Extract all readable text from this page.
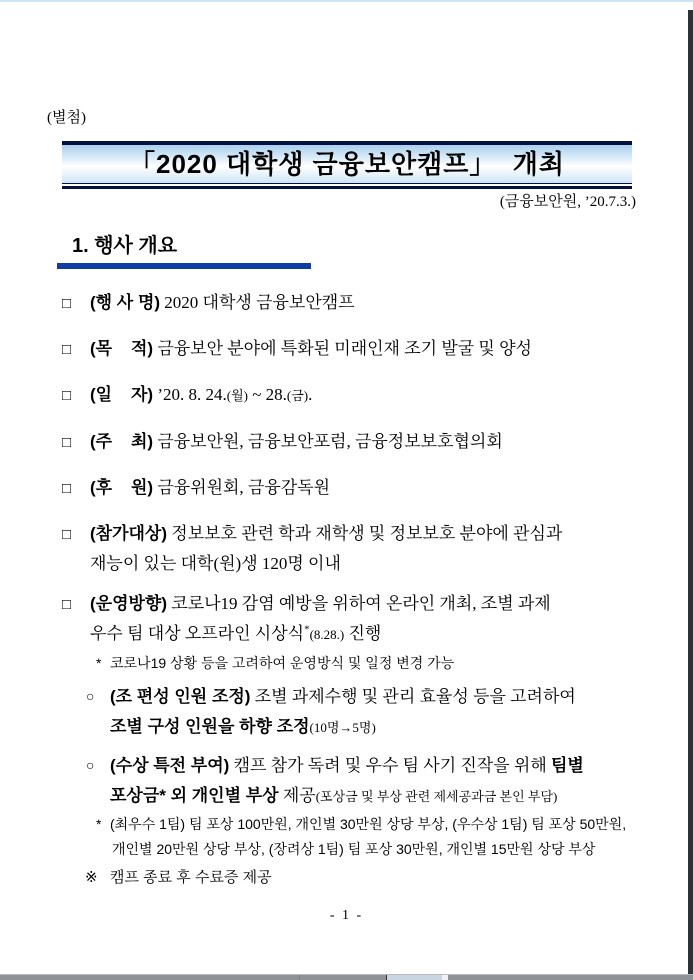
(별첨)
「2020 대학생 금융보안캠프」  개최
(금융보안원, ’20.7.3.)
1. 행사 개요
□ (행 사 명) 2020 대학생 금융보안캠프
□ (목    적) 금융보안 분야에 특화된 미래인재 조기 발굴 및 양성
□ (일    자) ’20. 8. 24.(월) ~ 28.(금).
□ (주    최) 금융보안원, 금융보안포럼, 금융정보보호협의회
□ (후    원) 금융위원회, 금융감독원
□ (참가대상) 정보보호 관련 학과 재학생 및 정보보호 분야에 관심과
재능이 있는 대학(원)생 120명 이내
□ (운영방향) 코로나19 감염 예방을 위하여 온라인 개최, 조별 과제
우수 팀 대상 오프라인 시상식*(8.28.) 진행
* 코로나19 상황 등을 고려하여 운영방식 및 일정 변경 가능
○ (조 편성 인원 조정) 조별 과제수행 및 관리 효율성 등을 고려하여
조별 구성 인원을 하향 조정(10명→5명)
○ (수상 특전 부여) 캠프 참가 독려 및 우수 팀 사기 진작을 위해 팀별
포상금* 외 개인별 부상 제공(포상금 및 부상 관련 제세공과금 본인 부담)
* (최우수 1팀) 팀 포상 100만원, 개인별 30만원 상당 부상, (우수상 1팀) 팀 포상 50만원,
개인별 20만원 상당 부상, (장려상 1팀) 팀 포상 30만원, 개인별 15만원 상당 부상
※ 캠프 종료 후 수료증 제공
- 1 -
